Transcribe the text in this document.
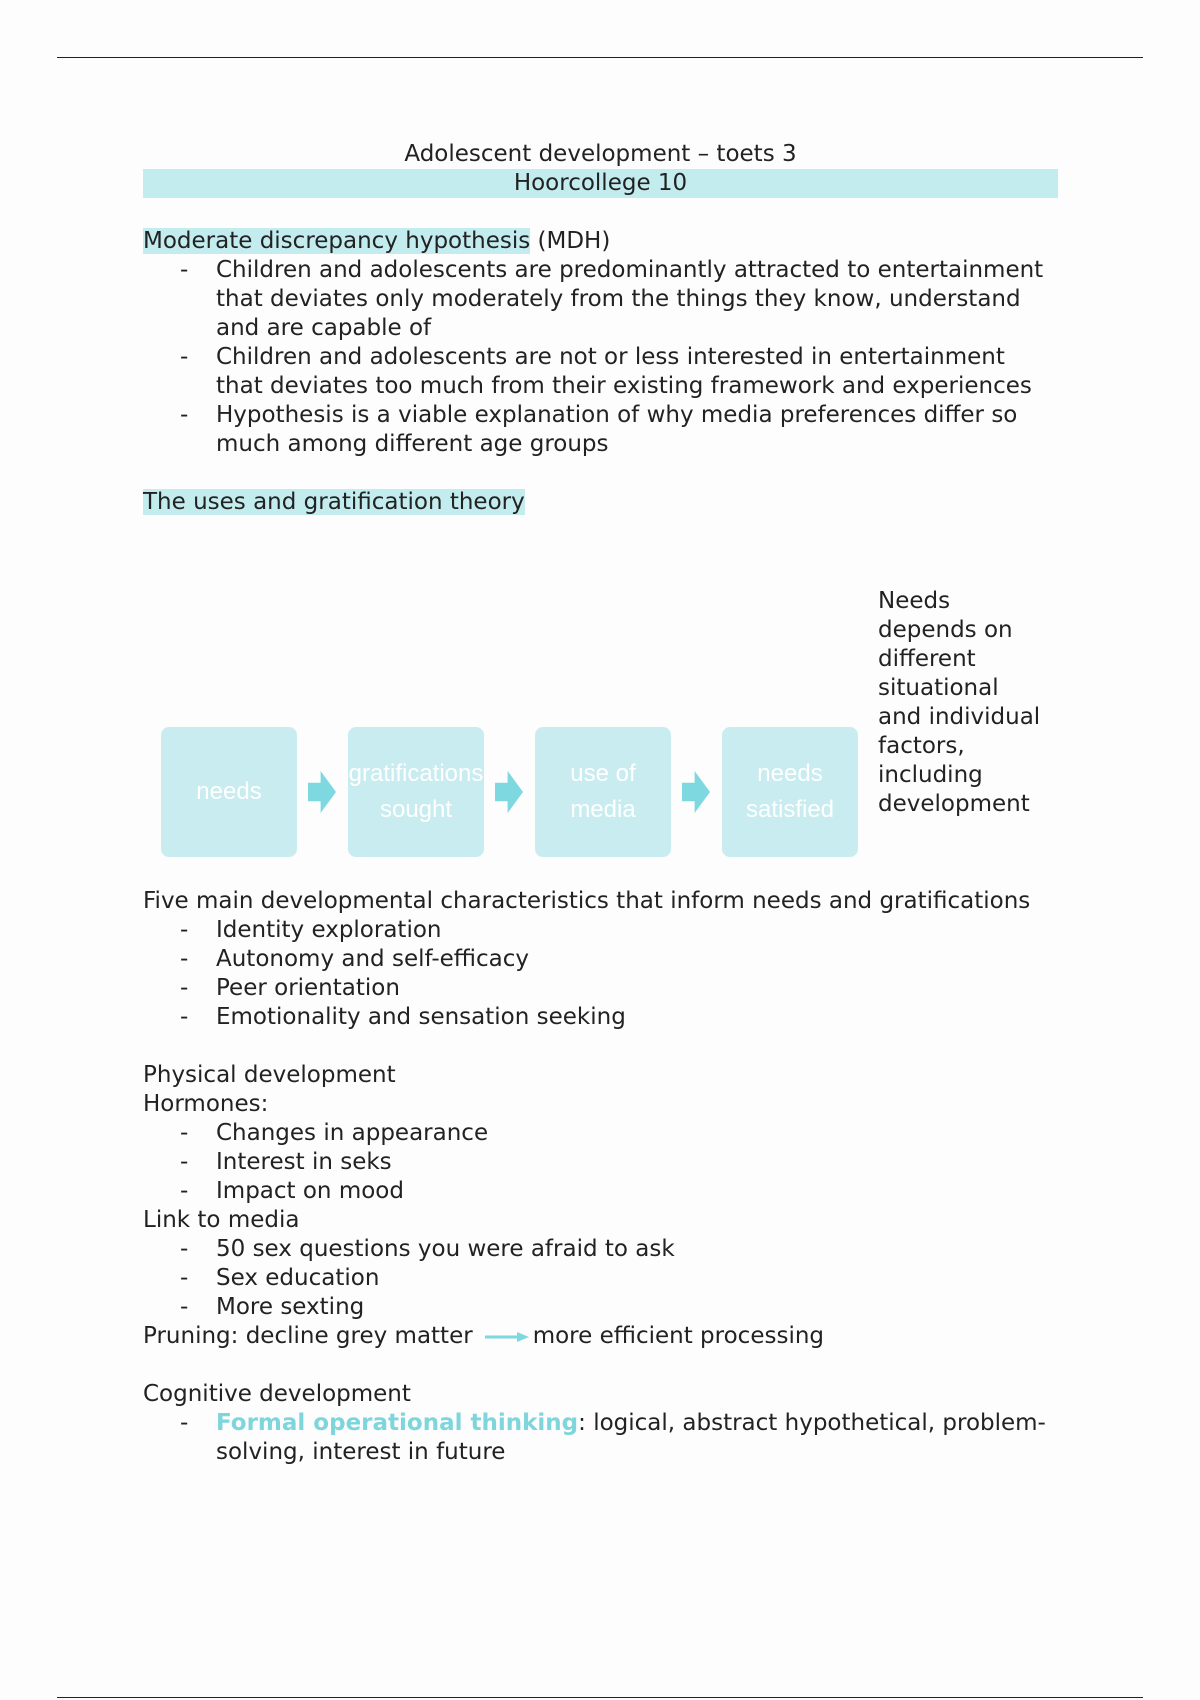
Adolescent development – toets 3
Hoorcollege 10
Moderate discrepancy hypothesis (MDH)
- Children and adolescents are predominantly attracted to entertainment that deviates only moderately from the things they know, understand and are capable of
- Children and adolescents are not or less interested in entertainment that deviates too much from their existing framework and experiences
- Hypothesis is a viable explanation of why media preferences differ so much among different age groups
The uses and gratification theory
needs
gratifications sought
use of media
needs satisfied
Needs
depends on
different
situational
and individual
factors,
including
development
Five main developmental characteristics that inform needs and gratifications
- Identity exploration
- Autonomy and self-efficacy
- Peer orientation
- Emotionality and sensation seeking
Physical development
Hormones:
- Changes in appearance
- Interest in seks
- Impact on mood
Link to media
- 50 sex questions you were afraid to ask
- Sex education
- More sexting
Pruning: decline grey matter	more efficient processing
Cognitive development
- Formal operational thinking: logical, abstract hypothetical, problem-solving, interest in future
